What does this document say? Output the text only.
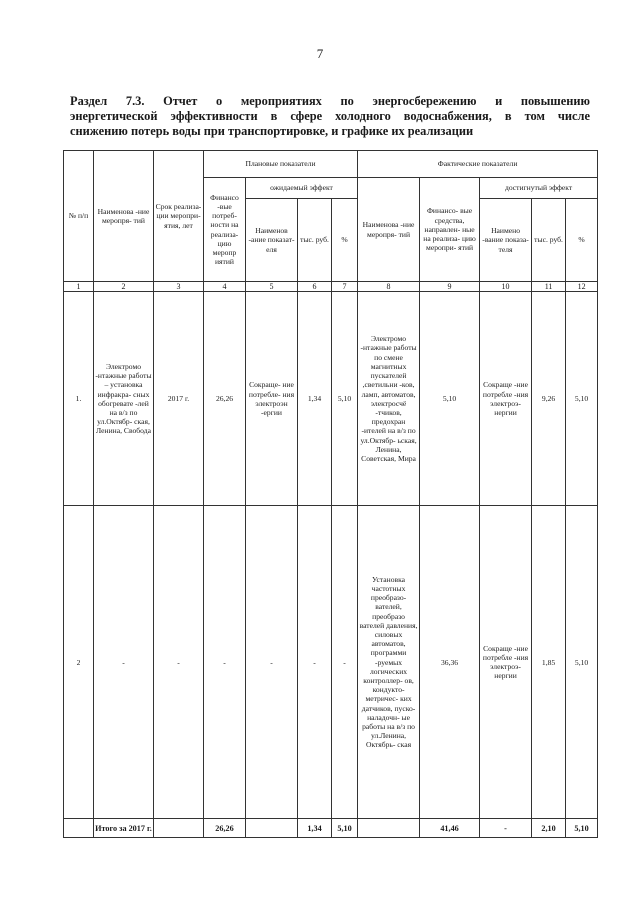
7
Раздел 7.3. Отчет о мероприятиях по энергосбережению и повышению
энергетической эффективности в сфере холодного водоснабжения, в том числе
снижению потерь воды при транспортировке, и графике их реализации
№ п/п	Наименова -ние меропря- тий	Срок реализа- ции меропри- ятия, лет	Плановые показатели				Фактические показатели				
			Финансо -вые потреб- ности на реализа- цию меропр иятий	ожидаемый эффект			Наименова -ние меропря- тий	Финансо- вые средства, направлен- ные на реализа- цию меропри- ятий	достигнутый эффект		
				Наименов -ание показат- еля	тыс. руб.	%			Наимено -вание показа- теля	тыс. руб.	%
1	2	3	4	5	6	7	8	9	10	11	12
1.	Электромо -нтажные работы – установка инфракра- сных обогревате -лей на в/з по ул.Октябр- ская, Ленина, Свобода	2017 г.	26,26	Сокраще- ние потребле- ния электроэн -ергии	1,34	5,10	Электромо -нтажные работы по смене магнитных пускателей ,светильни -ков, ламп, автоматов, электросчё -тчиков, предохран -ителей на в/з по ул.Октябр- ьская, Ленина, Советская, Мира	5,10	Сокраще -ние потребле -ния электроэ- нергии	9,26	5,10
2	-	-	-	-	-	-	Установка частотных преобразо- вателей, преобразо вателей давления, силовых автоматов, программи -руемых логических контроллер- ов, кондукто- метричес- ких датчиков, пуско- наладочн- ые работы на в/з по ул.Ленина, Октябрь- ская	36,36	Сокраще -ние потребле -ния электроэ- нергии	1,85	5,10
	Итого за 2017 г.		26,26		1,34	5,10		41,46	-	2,10	5,10
